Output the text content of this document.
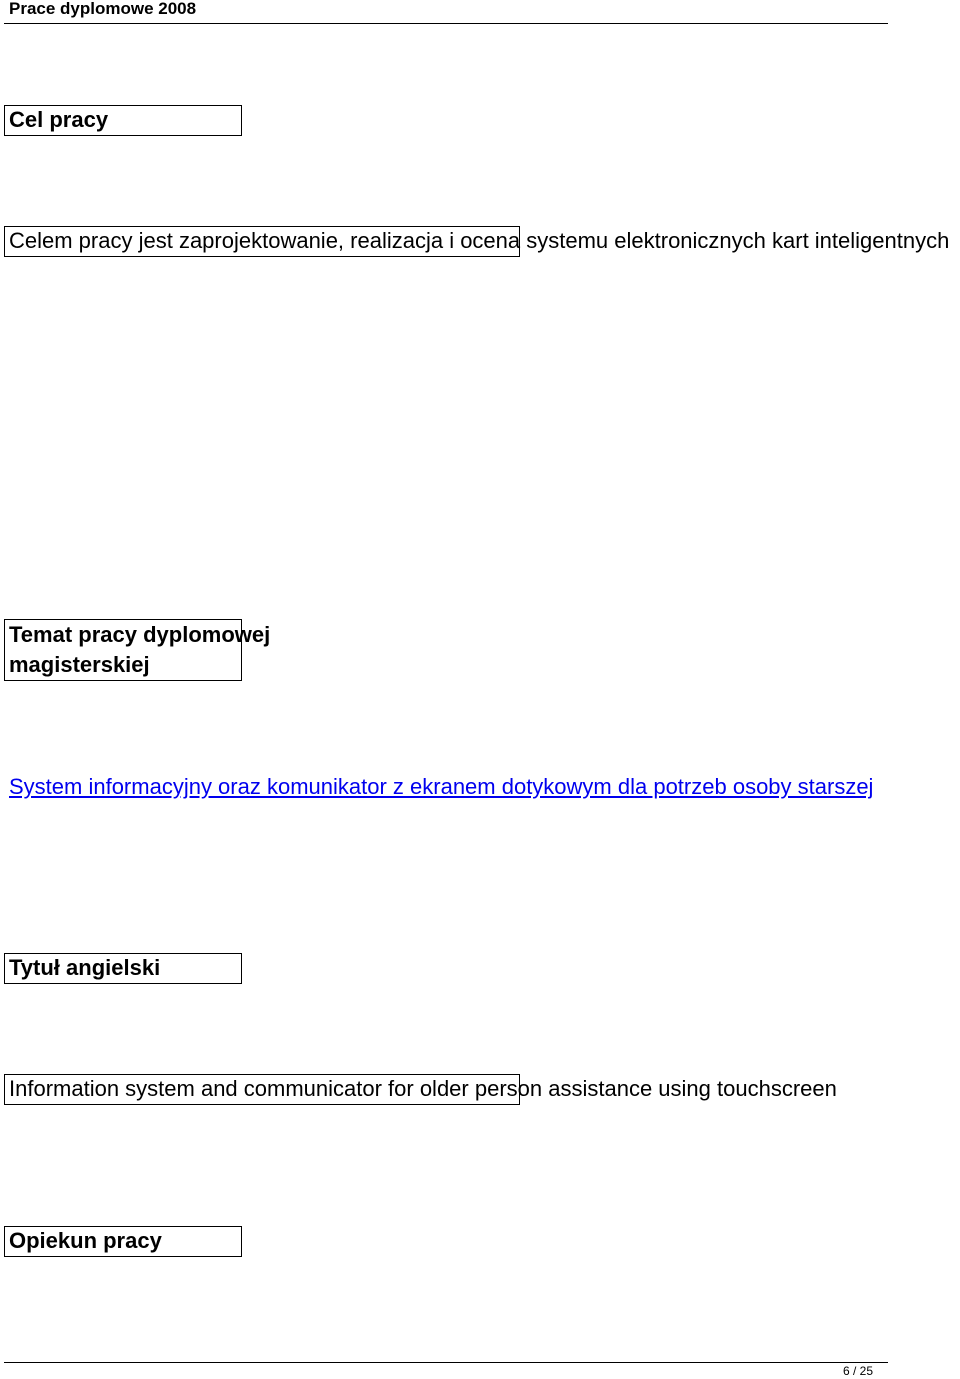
Prace dyplomowe 2008
Cel pracy
Celem pracy jest zaprojektowanie, realizacja i ocena systemu elektronicznych kart inteligentnych
Temat pracy dyplomowej
magisterskiej
System informacyjny oraz komunikator z ekranem dotykowym dla potrzeb osoby starszej
Tytuł angielski
Information system and communicator for older person assistance using touchscreen
Opiekun pracy
6 / 25
